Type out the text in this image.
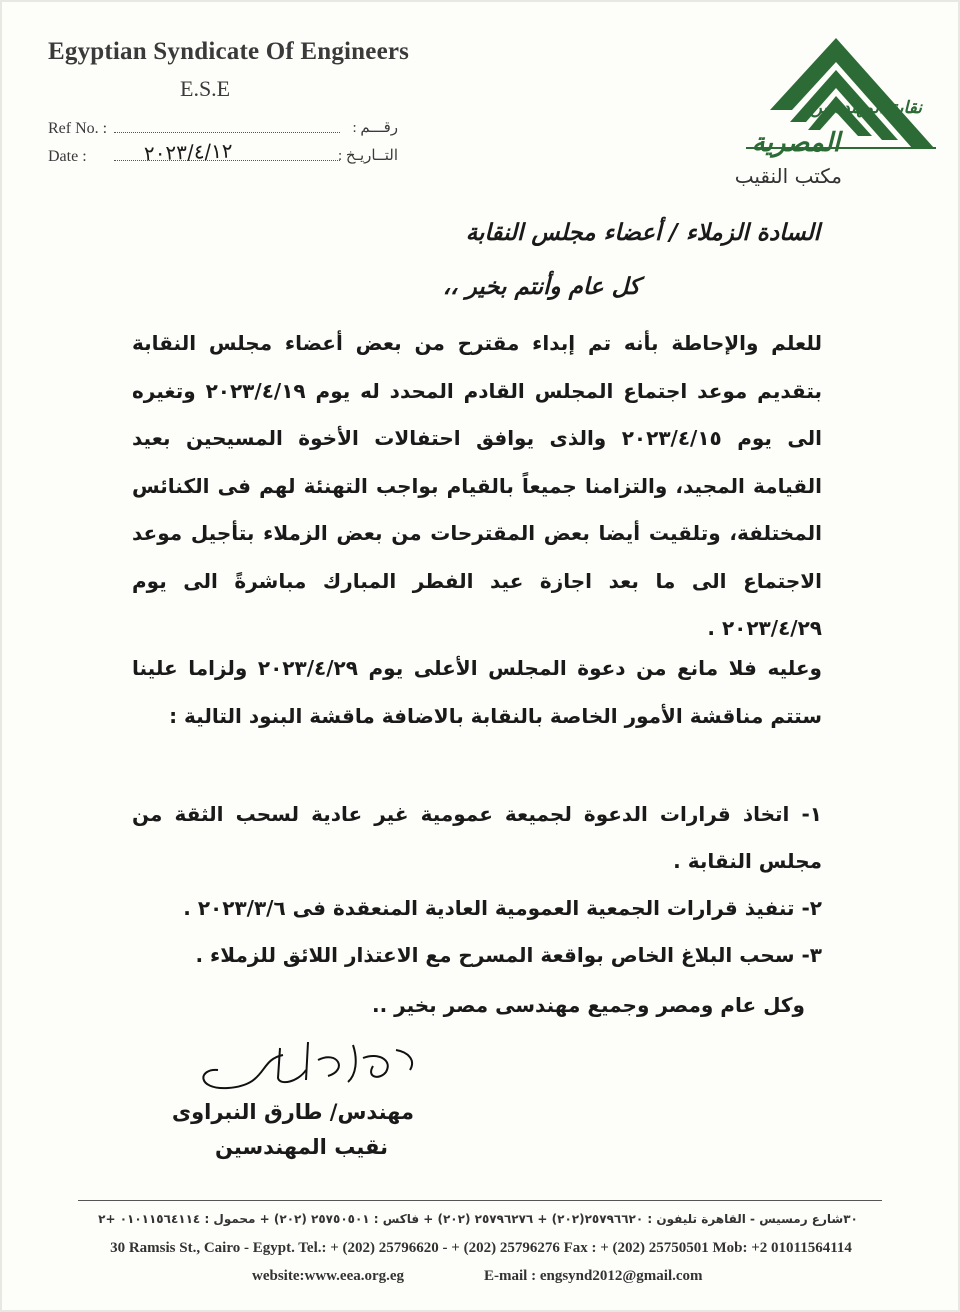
Egyptian Syndicate Of Engineers
E.S.E
Ref No. :	رقـــم :
Date :	٢٠٢٣/٤/١٢	التــاريـخ :
نقابة المهندسين
المصرية
مكتب النقيب
السادة الزملاء / أعضاء مجلس النقابة
كل عام وأنتم بخير ،،
للعلم والإحاطة بأنه تم إبداء مقترح من بعض أعضاء مجلس النقابة بتقديم موعد اجتماع المجلس القادم المحدد له يوم ٢٠٢٣/٤/١٩ وتغيره الى يوم ٢٠٢٣/٤/١٥ والذى يوافق احتفالات الأخوة المسيحين بعيد القيامة المجيد، والتزامنا جميعاً بالقيام بواجب التهنئة لهم فى الكنائس المختلفة، وتلقيت أيضا بعض المقترحات من بعض الزملاء بتأجيل موعد الاجتماع الى ما بعد اجازة عيد الفطر المبارك مباشرةً الى يوم ٢٠٢٣/٤/٢٩ .
وعليه فلا مانع من دعوة المجلس الأعلى يوم ٢٠٢٣/٤/٢٩ ولزاما علينا ستتم مناقشة الأمور الخاصة بالنقابة بالاضافة ماقشة البنود التالية :
١- اتخاذ قرارات الدعوة لجميعة عمومية غير عادية لسحب الثقة من مجلس النقابة .
٢- تنفيذ قرارات الجمعية العمومية العادية المنعقدة فى ٢٠٢٣/٣/٦ .
٣- سحب البلاغ الخاص بواقعة المسرح مع الاعتذار اللائق للزملاء .
وكل عام ومصر وجميع مهندسى مصر بخير ..
مهندس/ طارق النبراوى
نقيب المهندسين
٣٠شارع رمسيس - القاهرة تليفون : ٢٥٧٩٦٦٢٠(٢٠٢) + ٢٥٧٩٦٢٧٦ (٢٠٢) + فاكس : ٢٥٧٥٠٥٠١ (٢٠٢) + محمول : ٠١٠١١٥٦٤١١٤ +٢
30 Ramsis St., Cairo - Egypt. Tel.: + (202) 25796620 - + (202) 25796276 Fax : + (202) 25750501 Mob: +2 01011564114
website:www.eea.org.eg	E-mail : engsynd2012@gmail.com
